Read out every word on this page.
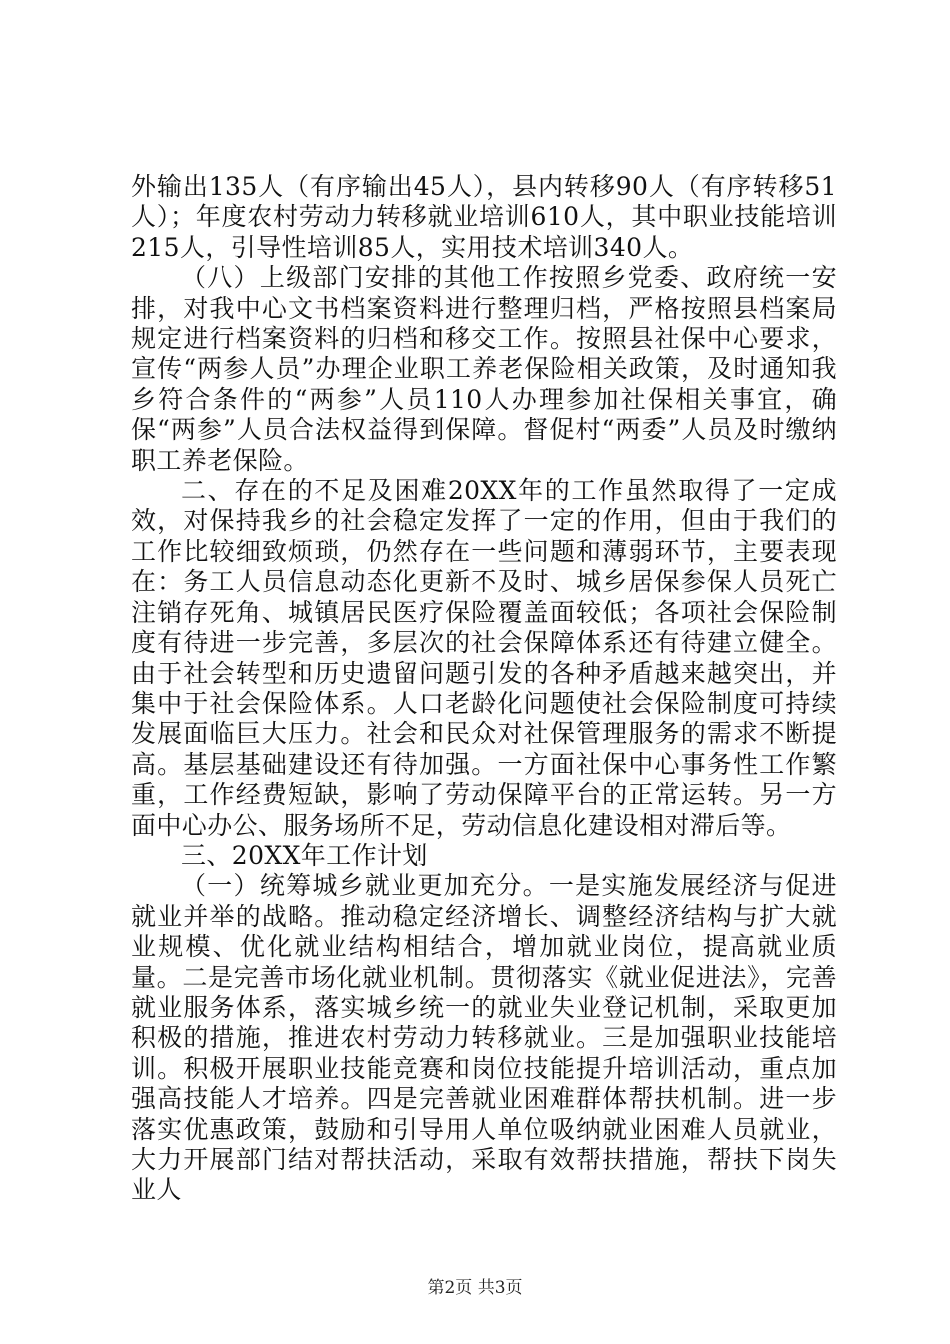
外输出135人（有序输出45人），县内转移90人（有序转移51人）；年度农村劳动力转移就业培训610人，其中职业技能培训215人，引导性培训85人，实用技术培训340人。

（八）上级部门安排的其他工作按照乡党委、政府统一安排，对我中心文书档案资料进行整理归档，严格按照县档案局规定进行档案资料的归档和移交工作。按照县社保中心要求，宣传“两参人员”办理企业职工养老保险相关政策，及时通知我乡符合条件的“两参”人员110人办理参加社保相关事宜，确保“两参”人员合法权益得到保障。督促村“两委”人员及时缴纳职工养老保险。

二、存在的不足及困难20XX年的工作虽然取得了一定成效，对保持我乡的社会稳定发挥了一定的作用，但由于我们的工作比较细致烦琐，仍然存在一些问题和薄弱环节，主要表现在：务工人员信息动态化更新不及时、城乡居保参保人员死亡注销存死角、城镇居民医疗保险覆盖面较低；各项社会保险制度有待进一步完善，多层次的社会保障体系还有待建立健全。由于社会转型和历史遗留问题引发的各种矛盾越来越突出，并集中于社会保险体系。人口老龄化问题使社会保险制度可持续发展面临巨大压力。社会和民众对社保管理服务的需求不断提高。基层基础建设还有待加强。一方面社保中心事务性工作繁重，工作经费短缺，影响了劳动保障平台的正常运转。另一方面中心办公、服务场所不足，劳动信息化建设相对滞后等。

三、20XX年工作计划

（一）统筹城乡就业更加充分。一是实施发展经济与促进就业并举的战略。推动稳定经济增长、调整经济结构与扩大就业规模、优化就业结构相结合，增加就业岗位，提高就业质量。二是完善市场化就业机制。贯彻落实《就业促进法》，完善就业服务体系，落实城乡统一的就业失业登记机制，采取更加积极的措施，推进农村劳动力转移就业。三是加强职业技能培训。积极开展职业技能竞赛和岗位技能提升培训活动，重点加强高技能人才培养。四是完善就业困难群体帮扶机制。进一步落实优惠政策，鼓励和引导用人单位吸纳就业困难人员就业，大力开展部门结对帮扶活动，采取有效帮扶措施，帮扶下岗失业人

第2页 共3页
